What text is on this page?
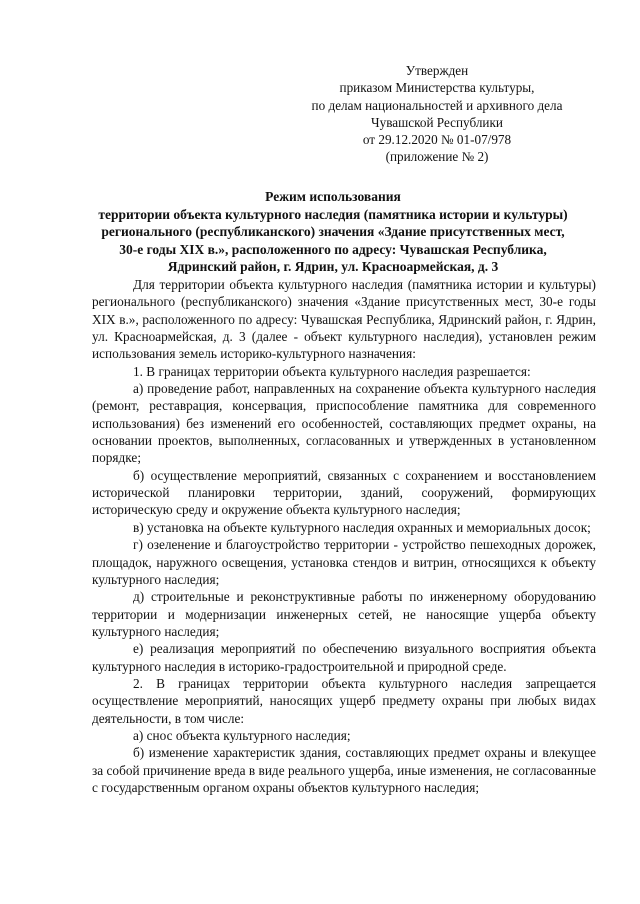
Утвержден
приказом Министерства культуры,
по делам национальностей и архивного дела
Чувашской Республики
от 29.12.2020 № 01-07/978
(приложение № 2)
Режим использования
территории объекта культурного наследия (памятника истории и культуры)
регионального (республиканского) значения «Здание присутственных мест,
30-е годы XIX в.», расположенного по адресу: Чувашская Республика,
Ядринский район, г. Ядрин, ул. Красноармейская, д. 3

Для территории объекта культурного наследия (памятника истории и культуры) регионального (республиканского) значения «Здание присутственных мест, 30-е годы XIX в.», расположенного по адресу: Чувашская Республика, Ядринский район, г. Ядрин, ул. Красноармейская, д. 3 (далее - объект культурного наследия), установлен режим использования земель историко-культурного назначения:

1. В границах территории объекта культурного наследия разрешается:

а) проведение работ, направленных на сохранение объекта культурного наследия (ремонт, реставрация, консервация, приспособление памятника для современного использования) без изменений его особенностей, составляющих предмет охраны, на основании проектов, выполненных, согласованных и утвержденных в установленном порядке;

б) осуществление мероприятий, связанных с сохранением и восстановлением исторической планировки территории, зданий, сооружений, формирующих историческую среду и окружение объекта культурного наследия;

в) установка на объекте культурного наследия охранных и мемориальных досок;

г) озеленение и благоустройство территории - устройство пешеходных дорожек, площадок, наружного освещения, установка стендов и витрин, относящихся к объекту культурного наследия;

д) строительные и реконструктивные работы по инженерному оборудованию территории и модернизации инженерных сетей, не наносящие ущерба объекту культурного наследия;

е) реализация мероприятий по обеспечению визуального восприятия объекта культурного наследия в историко-градостроительной и природной среде.

2. В границах территории объекта культурного наследия запрещается осуществление мероприятий, наносящих ущерб предмету охраны при любых видах деятельности, в том числе:

а) снос объекта культурного наследия;

б) изменение характеристик здания, составляющих предмет охраны и влекущее за собой причинение вреда в виде реального ущерба, иные изменения, не согласованные с государственным органом охраны объектов культурного наследия;
